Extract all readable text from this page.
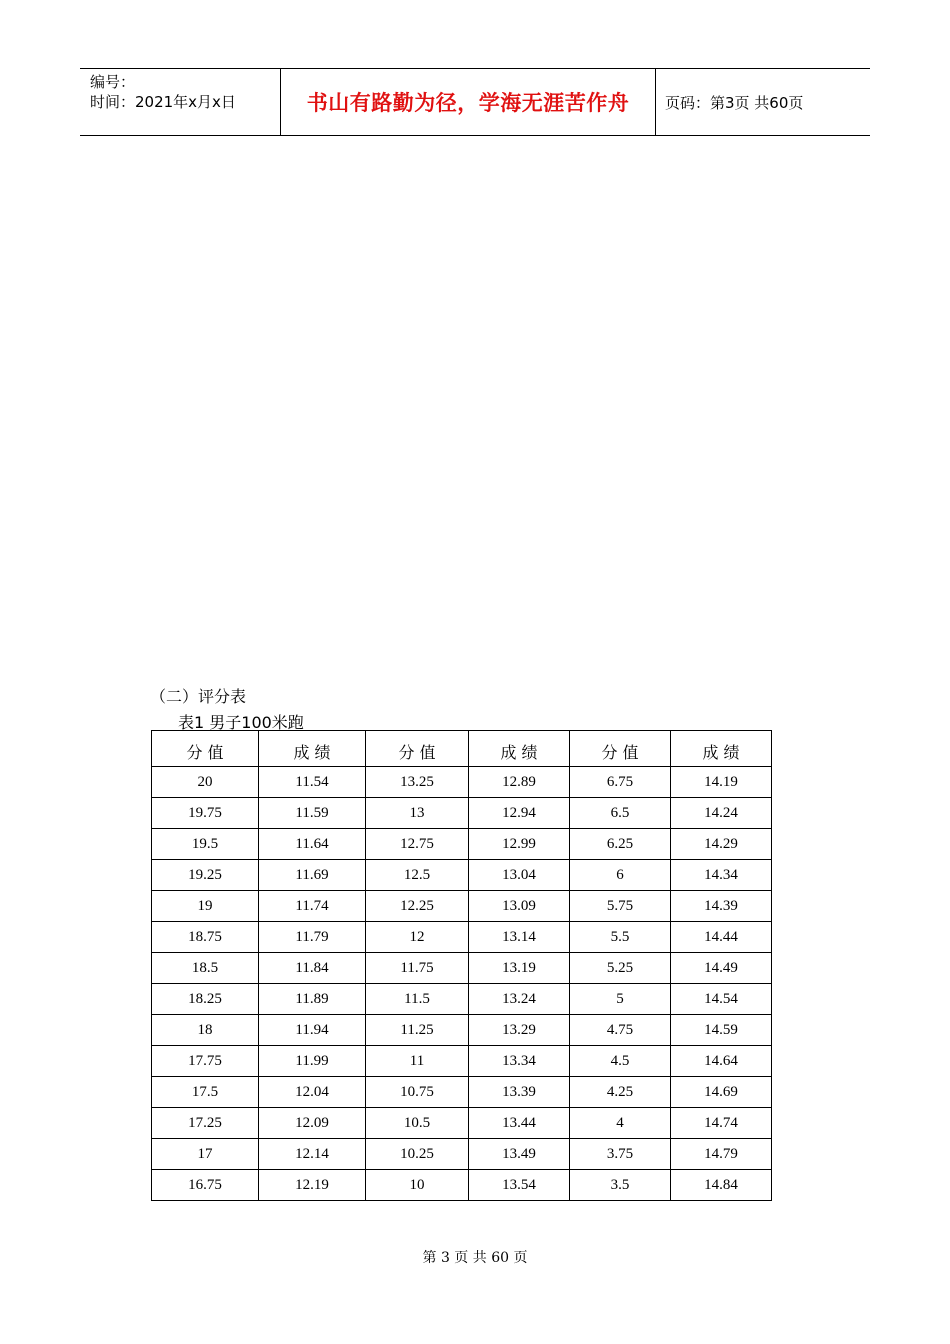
编号：
时间：2021年x月x日	书山有路勤为径，学海无涯苦作舟	页码：第3页 共60页
（二）评分表
表1 男子100米跑
分 值	成 绩	分 值	成 绩	分 值	成 绩
20	11.54	13.25	12.89	6.75	14.19
19.75	11.59	13	12.94	6.5	14.24
19.5	11.64	12.75	12.99	6.25	14.29
19.25	11.69	12.5	13.04	6	14.34
19	11.74	12.25	13.09	5.75	14.39
18.75	11.79	12	13.14	5.5	14.44
18.5	11.84	11.75	13.19	5.25	14.49
18.25	11.89	11.5	13.24	5	14.54
18	11.94	11.25	13.29	4.75	14.59
17.75	11.99	11	13.34	4.5	14.64
17.5	12.04	10.75	13.39	4.25	14.69
17.25	12.09	10.5	13.44	4	14.74
17	12.14	10.25	13.49	3.75	14.79
16.75	12.19	10	13.54	3.5	14.84
第 3 页 共 60 页
